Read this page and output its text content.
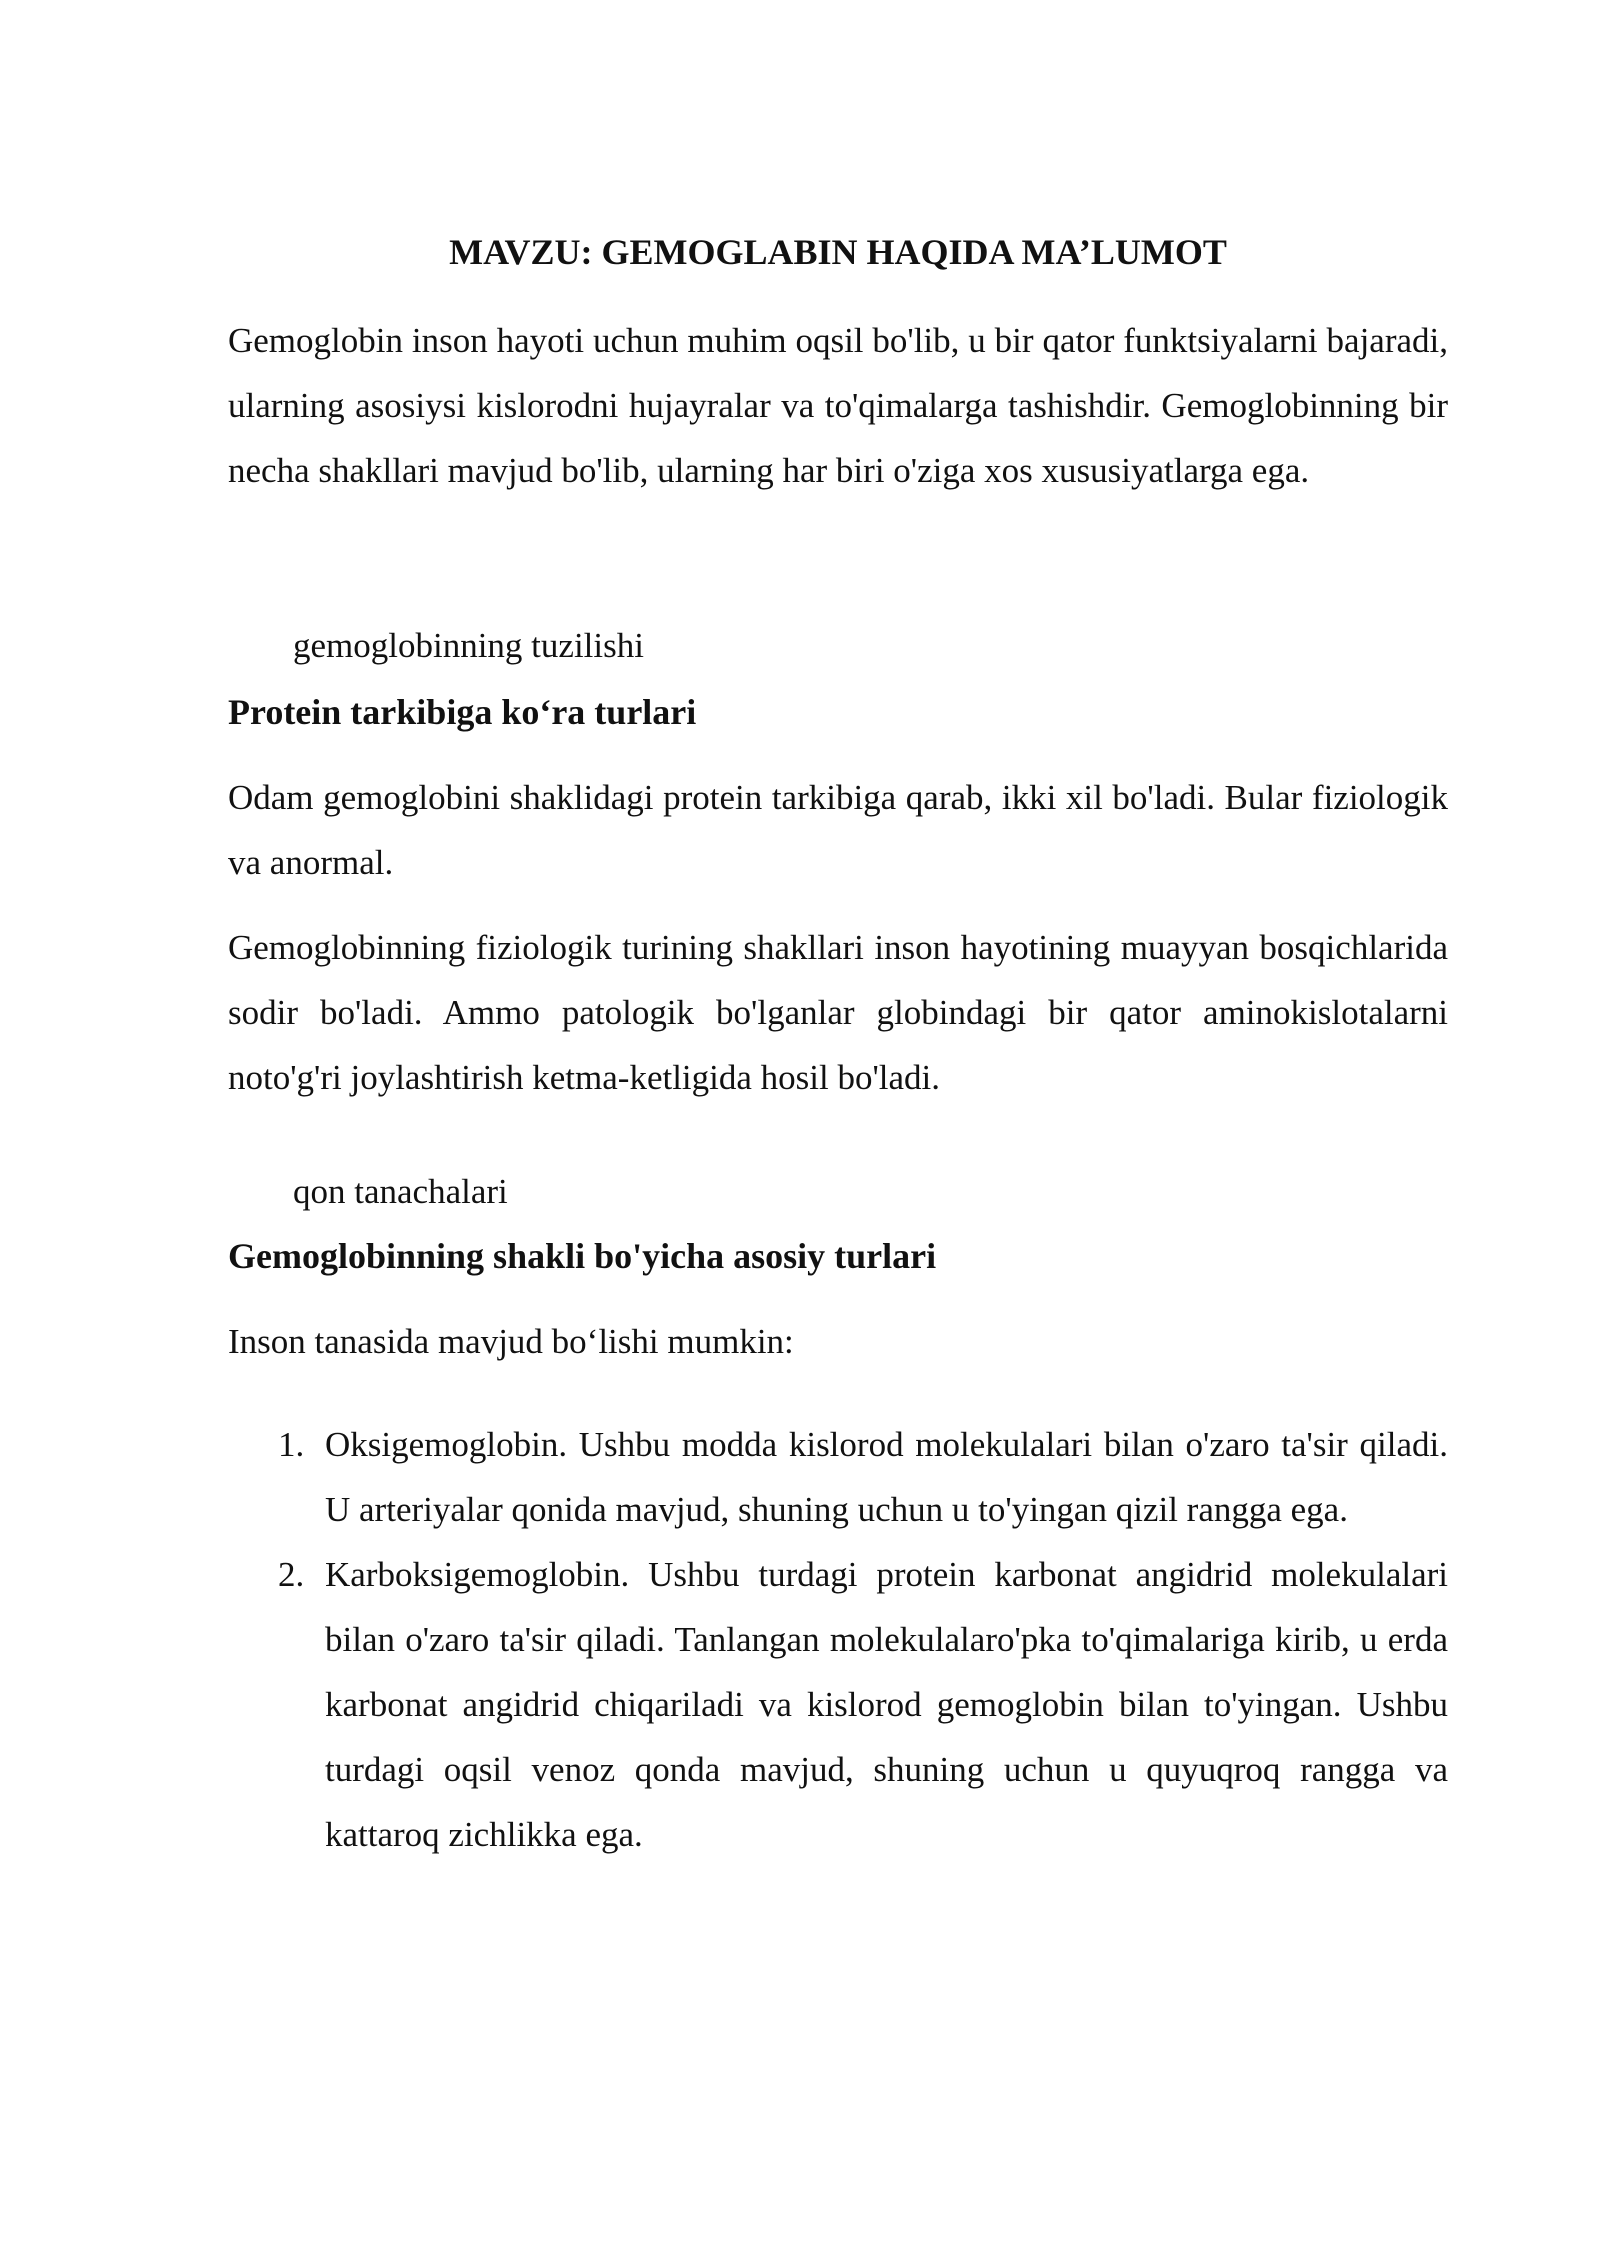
MAVZU: GEMOGLABIN HAQIDA MA’LUMOT

Gemoglobin inson hayoti uchun muhim oqsil bo'lib, u bir qator funktsiyalarni bajaradi, ularning asosiysi kislorodni hujayralar va to'qimalarga tashishdir. Gemoglobinning bir necha shakllari mavjud bo'lib, ularning har biri o'ziga xos xususiyatlarga ega.

gemoglobinning tuzilishi

Protein tarkibiga ko‘ra turlari

Odam gemoglobini shaklidagi protein tarkibiga qarab, ikki xil bo'ladi. Bular fiziologik va anormal.

Gemoglobinning fiziologik turining shakllari inson hayotining muayyan bosqichlarida sodir bo'ladi. Ammo patologik bo'lganlar globindagi bir qator aminokislotalarni noto'g'ri joylashtirish ketma-ketligida hosil bo'ladi.

qon tanachalari

Gemoglobinning shakli bo'yicha asosiy turlari

Inson tanasida mavjud bo‘lishi mumkin:

1. Oksigemoglobin. Ushbu modda kislorod molekulalari bilan o'zaro ta'sir qiladi. U arteriyalar qonida mavjud, shuning uchun u to'yingan qizil rangga ega.
2. Karboksigemoglobin. Ushbu turdagi protein karbonat angidrid molekulalari bilan o'zaro ta'sir qiladi. Tanlangan molekulalaro'pka to'qimalariga kirib, u erda karbonat angidrid chiqariladi va kislorod gemoglobin bilan to'yingan. Ushbu turdagi oqsil venoz qonda mavjud, shuning uchun u quyuqroq rangga va kattaroq zichlikka ega.
